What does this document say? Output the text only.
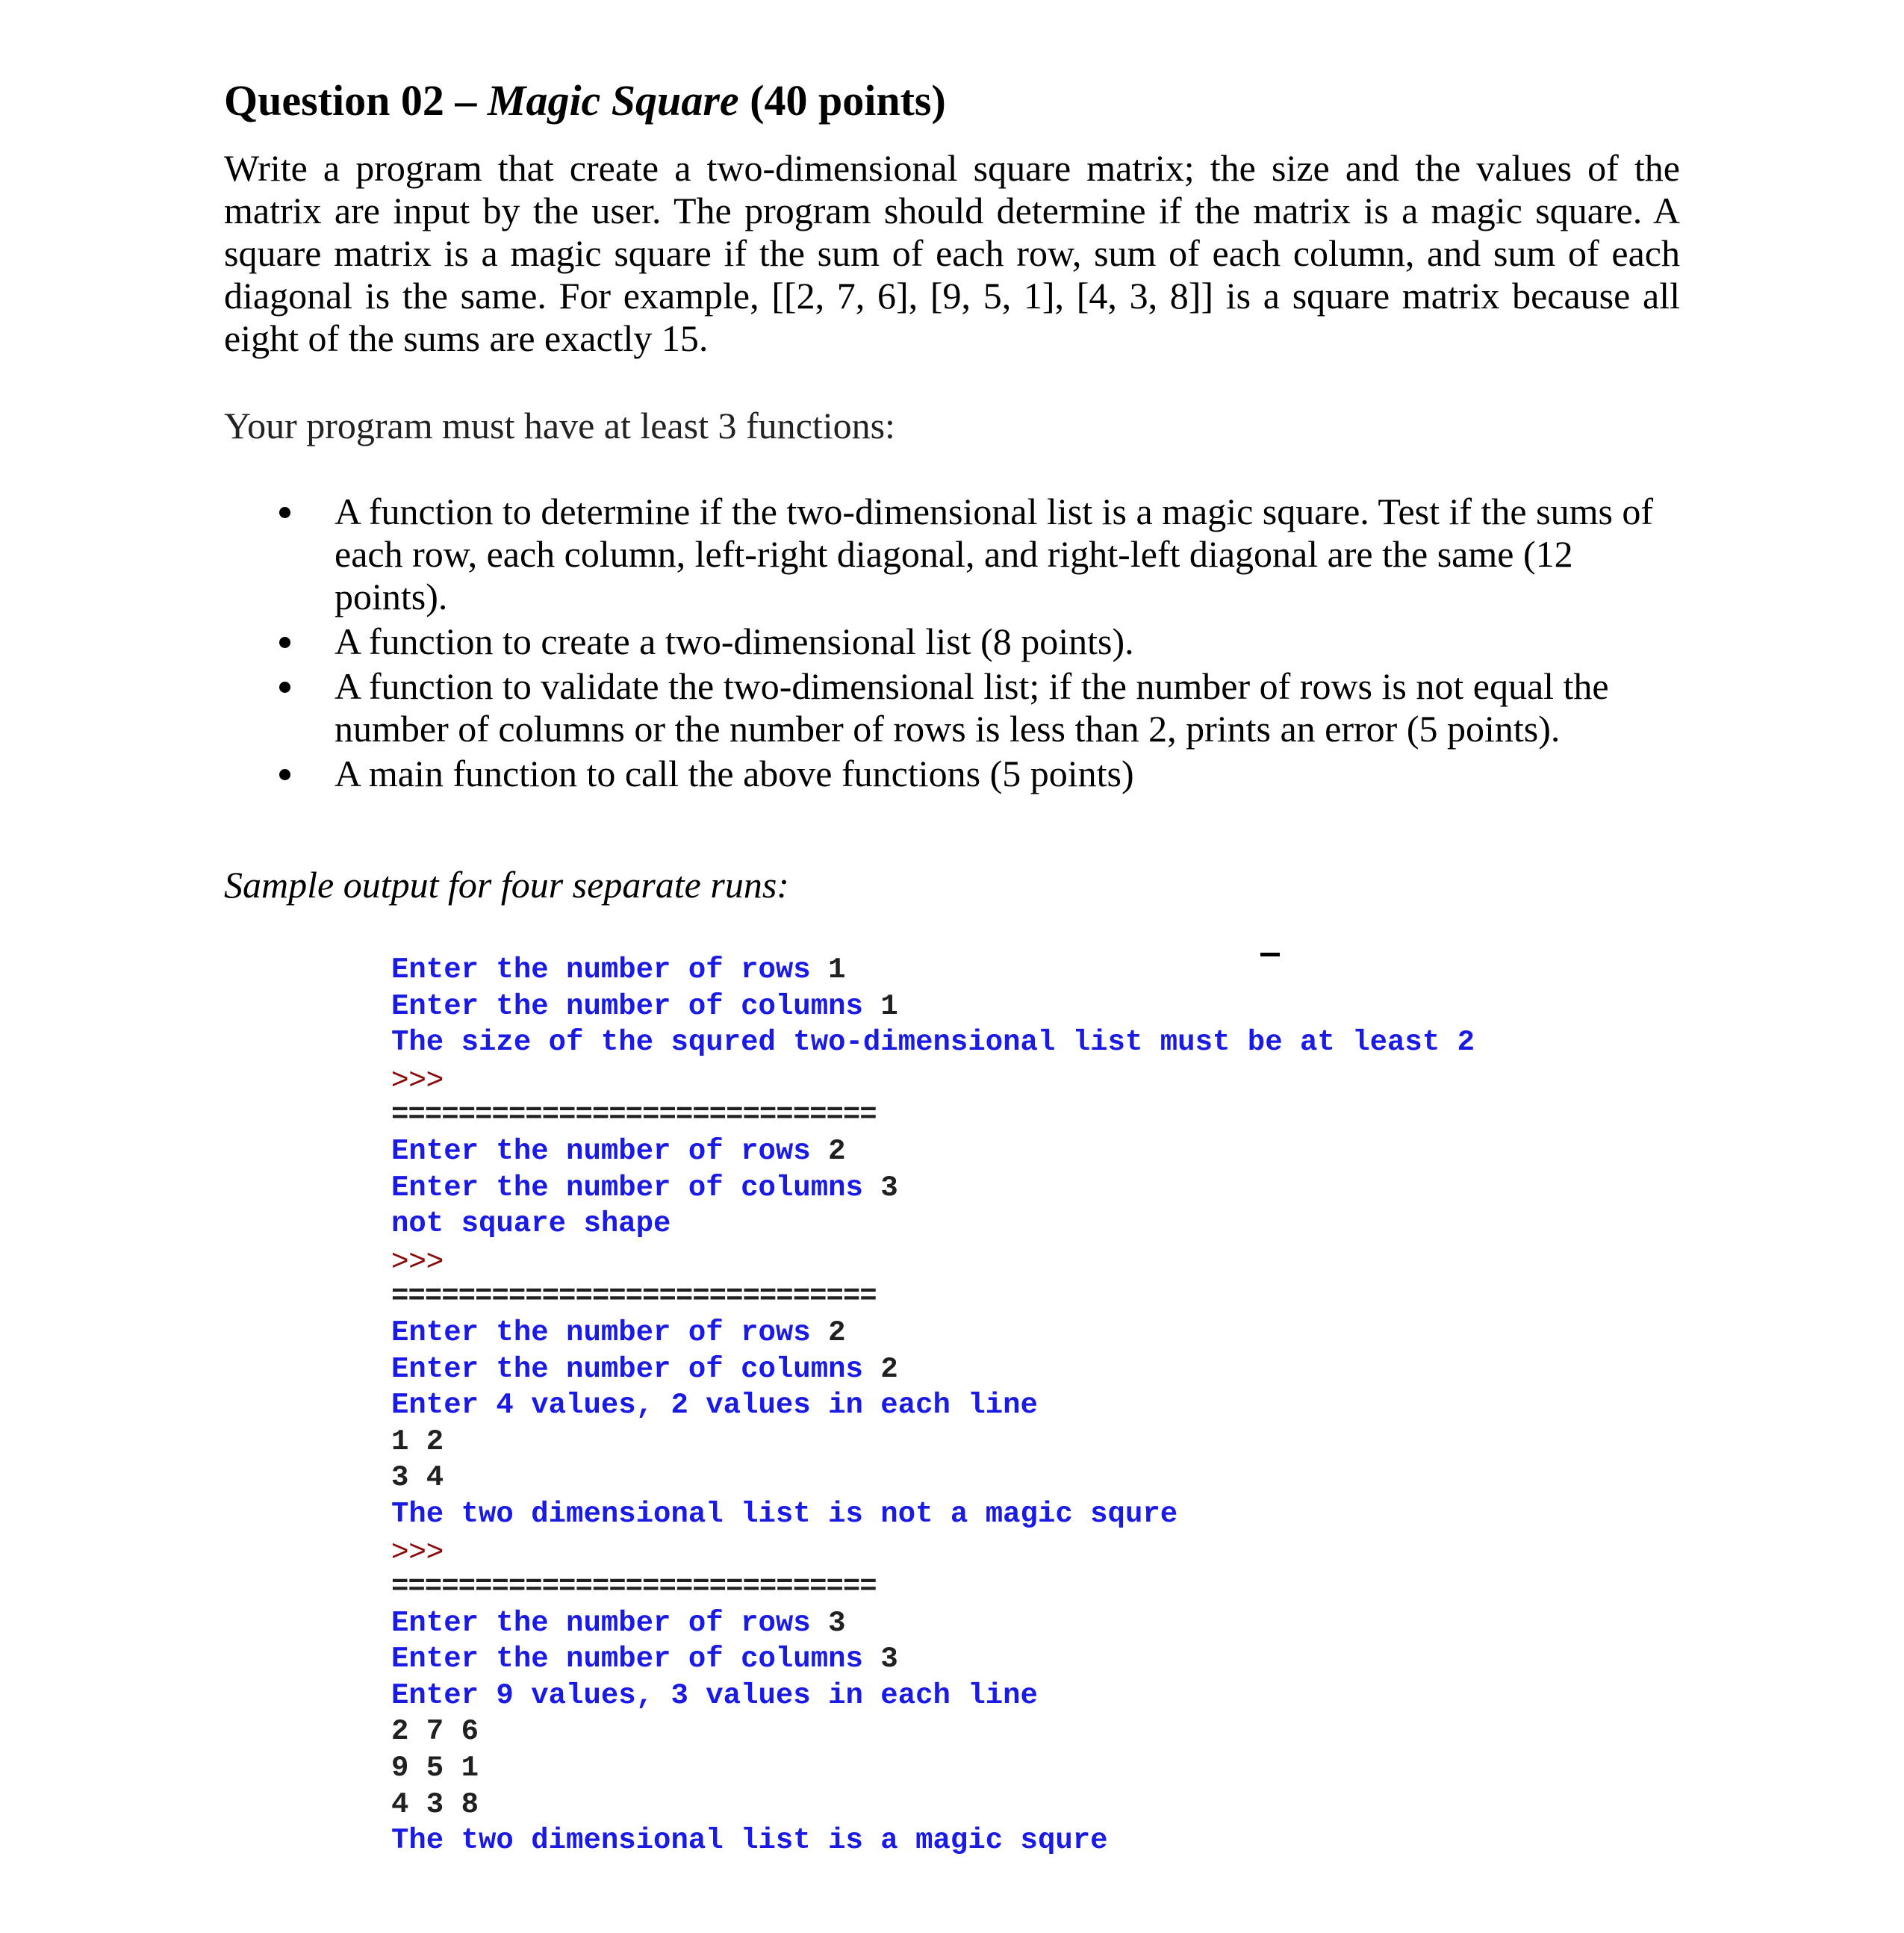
Question 02 – Magic Square (40 points)

Write a program that create a two-dimensional square matrix; the size and the values of the matrix are input by the user. The program should determine if the matrix is a magic square. A square matrix is a magic square if the sum of each row, sum of each column, and sum of each diagonal is the same. For example, [[2, 7, 6], [9, 5, 1], [4, 3, 8]] is a square matrix because all eight of the sums are exactly 15.

Your program must have at least 3 functions:

A function to determine if the two-dimensional list is a magic square. Test if the sums of each row, each column, left-right diagonal, and right-left diagonal are the same (12 points).
A function to create a two-dimensional list (8 points).
A function to validate the two-dimensional list; if the number of rows is not equal the number of columns or the number of rows is less than 2, prints an error (5 points).
A main function to call the above functions (5 points)

Sample output for four separate runs:

Enter the number of rows 1
Enter the number of columns 1
The size of the squred two-dimensional list must be at least 2
>>>
=============================
Enter the number of rows 2
Enter the number of columns 3
not square shape
>>>
=============================
Enter the number of rows 2
Enter the number of columns 2
Enter 4 values, 2 values in each line
1 2
3 4
The two dimensional list is not a magic squre
>>>
=============================
Enter the number of rows 3
Enter the number of columns 3
Enter 9 values, 3 values in each line
2 7 6
9 5 1
4 3 8
The two dimensional list is a magic squre
